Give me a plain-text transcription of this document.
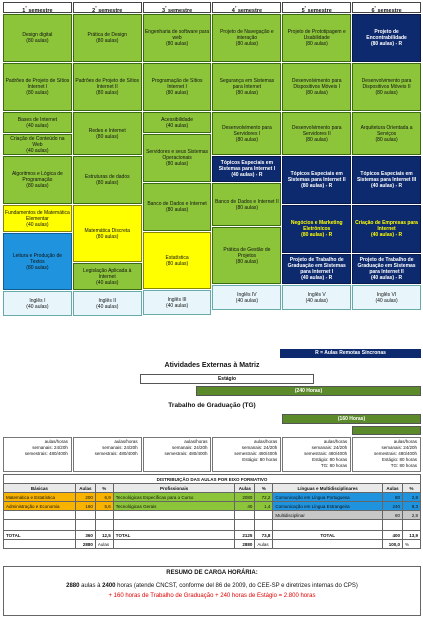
$1^º$ semestre	$2^º$ semestre	$3^º$ semestre	$4^º$ semestre	$5^º$ semestre	$6^º$ semestre
Design digital
(80 aulas)
Padrões de Projeto de Sítios Internet I
(80 aulas)
Bases de Internet
(40 aulas)
Criação de Conteúdo na Web
(40 aulas)
Algoritmos e Lógica de Programação
(80 aulas)
Fundamentos de Matemática Elementar
(40 aulas)
Leitura e Produção de Textos
(80 aulas)
Inglês I
(40 aulas)
Prática de Design
(80 aulas)
Padrões de Projeto de Sítios Internet II
(80 aulas)
Redes e Internet
(80 aulas)
Estruturas de dados
(80 aulas)
Matemática Discreta
(80 aulas)
Legislação Aplicada à Internet
(40 aulas)
Inglês II
(40 aulas)
Engenharia de software para web
(80 aulas)
Programação de Sítios Internet I
(80 aulas)
Acessibilidade
(40 aulas)
Servidores e seus Sistemas Operacionais
(80 aulas)
Banco de Dados e Internet
(80 aulas)
Estatística
(80 aulas)
Inglês III
(40 aulas)
Projeto de Navegação e interação
(80 aulas)
Segurança em Sistemas para Internet
(80 aulas)
Desenvolvimento para Servidores I
(80 aulas)
Tópicos Especiais em Sistemas para Internet I
(40 aulas) - R
Banco de Dados e Internet II
(80 aulas)
Prática de Gestão de Projetos
(80 aulas)
Inglês IV
(40 aulas)
Projeto de Prototipagem e Usabilidade
(80 aulas)
Desenvolvimento para Dispositivos Móveis I
(80 aulas)
Desenvolvimento para Servidores II
(80 aulas)
Tópicos Especiais em Sistemas para Internet II
(80 aulas) - R
Negócios e Marketing Eletrônicos
(80 aulas) - R
Projeto de Trabalho de Graduação em Sistemas para Internet I
(40 aulas) - R
Inglês V
(40 aulas)
Projeto de Encontrabilidade
(80 aulas) - R
Desenvolvimento para Dispositivos Móveis II
(80 aulas)
Arquitetura Orientada a Serviços
(80 aulas)
Tópicos Especiais em Sistemas para Internet III
(40 aulas) - R
Criação de Empresas para Internet
(40 aulas) - R
Projeto de Trabalho de Graduação em Sistemas para Internet II
(40 aulas) - R
Inglês VI
(40 aulas)
R = Aulas Remotas Síncronas
Atividades Externas à Matriz
Estágio
(240 Horas)
Trabalho de Graduação (TG)
(160 Horas)
aulas/horas
semanais: 24/20h
semestrais: 480/400h
aulas/horas
semanais: 24/20h
semestrais: 480/400h
aulas/horas
semanais: 24/20h
semestrais: 480/400h
aulas/horas
semanais: 24/20h
semestrais: 480/400h
Estágio: 80 horas
aulas/horas
semanais: 24/20h
semestrais: 480/400h
Estágio: 80 horas
TG: 80 horas
aulas/horas
semanais: 24/20h
semestrais: 480/400h
Estágio: 80 horas
TG: 80 horas
DISTRIBUIÇÃO DAS AULAS POR EIXO FORMATIVO								
Básicas	Aulas	%	Profissionais	Aulas	%	Línguas e Multidisciplinares	Aulas	%
Matemática e Estatística	200	6,9	Tecnológicas Específicas para o Curso	2080	72,2	Comunicação em Língua Portuguesa	80	2,8
Administração e Economia	160	5,6	Tecnológicas Gerais	40	1,4	Comunicação em Língua Estrangeira	240	8,3
						Multidisciplinar	80	2,8

TOTAL	360	12,5	TOTAL	2125	73,8	TOTAL	400	13,9
	2880	Aulas		2880	Aulas		100,0	%
RESUMO DE CARGA HORÁRIA:
2880 aulas à 2400 horas (atende CNCST, conforme del 86 de 2009, do CEE-SP e diretrizes internas do CPS)
+ 160 horas de Trabalho de Graduação + 240 horas de Estágio = 2.800 horas
